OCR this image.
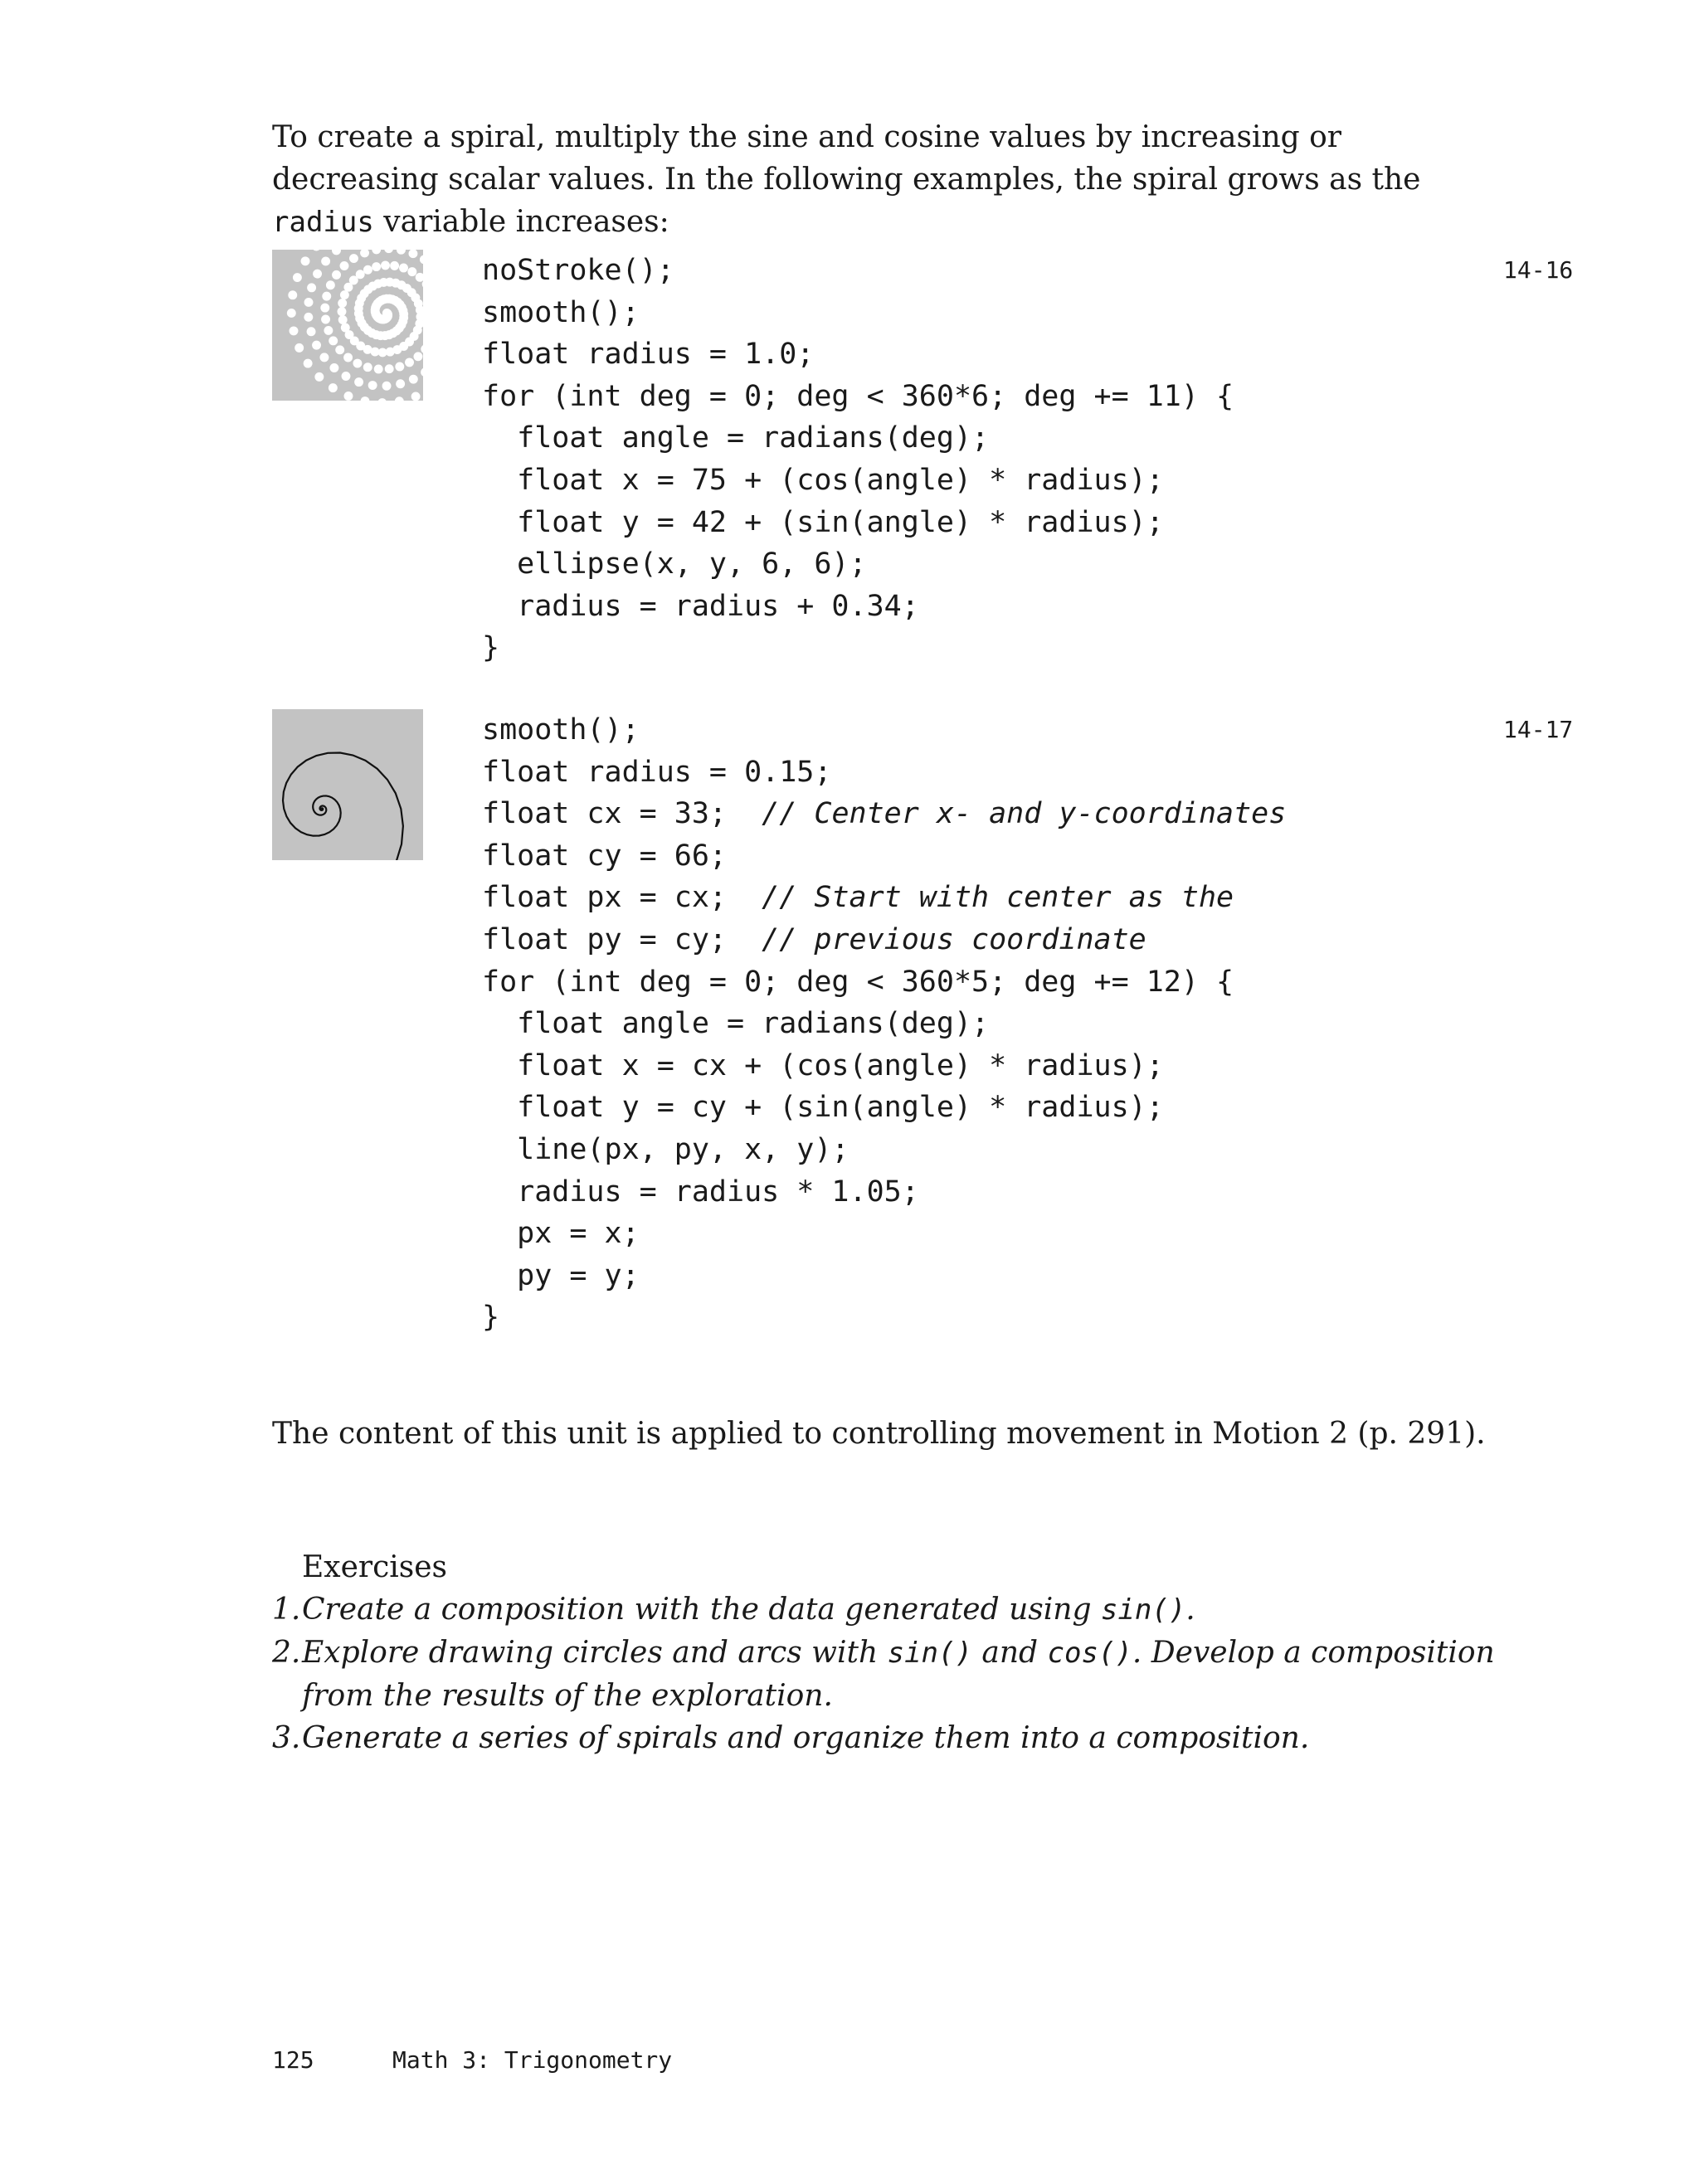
To create a spiral, multiply the sine and cosine values by increasing or decreasing scalar values. In the following examples, the spiral grows as the radius variable increases:
noStroke();
smooth();
float radius = 1.0;
for (int deg = 0; deg < 360*6; deg += 11) {
float angle = radians(deg);
float x = 75 + (cos(angle) * radius);
float y = 42 + (sin(angle) * radius);
ellipse(x, y, 6, 6);
radius = radius + 0.34;
}
14-16
smooth();
float radius = 0.15;
float cx = 33;  // Center x- and y-coordinates
float cy = 66;
float px = cx;  // Start with center as the
float py = cy;  // previous coordinate
for (int deg = 0; deg < 360*5; deg += 12) {
float angle = radians(deg);
float x = cx + (cos(angle) * radius);
float y = cy + (sin(angle) * radius);
line(px, py, x, y);
radius = radius * 1.05;
px = x;
py = y;
}
14-17
The content of this unit is applied to controlling movement in Motion 2 (p. 291).
Exercises
1. Create a composition with the data generated using sin().
2. Explore drawing circles and arcs with sin() and cos(). Develop a composition from the results of the exploration.
3. Generate a series of spirals and organize them into a composition.
125	Math 3: Trigonometry
